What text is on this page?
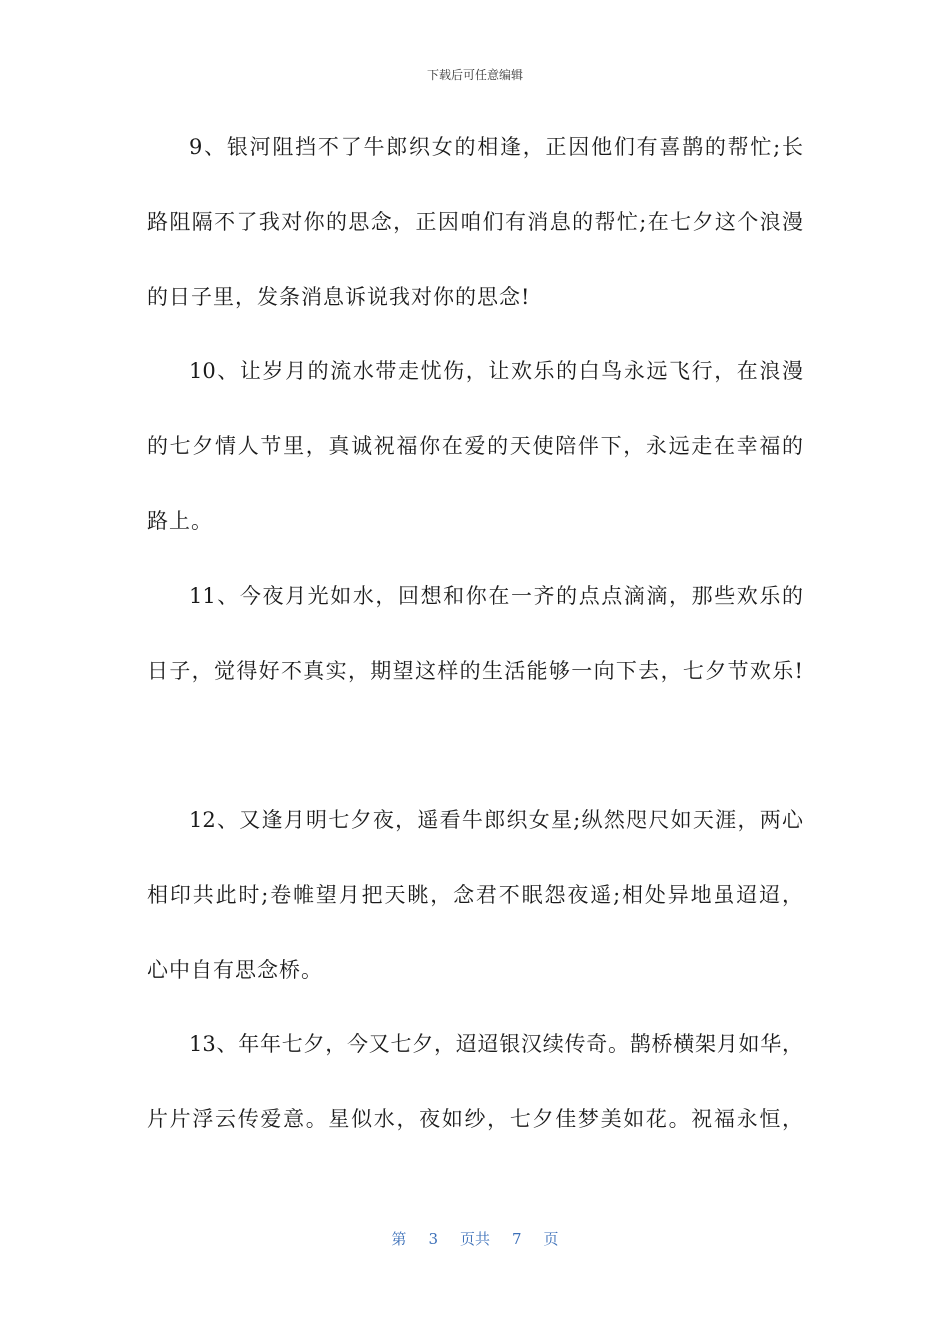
下载后可任意编辑
9、银河阻挡不了牛郎织女的相逢，正因他们有喜鹊的帮忙;长
路阻隔不了我对你的思念，正因咱们有消息的帮忙;在七夕这个浪漫
的日子里，发条消息诉说我对你的思念!
10、让岁月的流水带走忧伤，让欢乐的白鸟永远飞行，在浪漫
的七夕情人节里，真诚祝福你在爱的天使陪伴下，永远走在幸福的
路上。
11、今夜月光如水，回想和你在一齐的点点滴滴，那些欢乐的
日子，觉得好不真实，期望这样的生活能够一向下去，七夕节欢乐!
12、又逢月明七夕夜，遥看牛郎织女星;纵然咫尺如天涯，两心
相印共此时;卷帷望月把天眺，念君不眠怨夜遥;相处异地虽迢迢，
心中自有思念桥。
13、年年七夕，今又七夕，迢迢银汉续传奇。鹊桥横架月如华，
片片浮云传爱意。星似水，夜如纱，七夕佳梦美如花。祝福永恒，
第 3 页共 7 页
